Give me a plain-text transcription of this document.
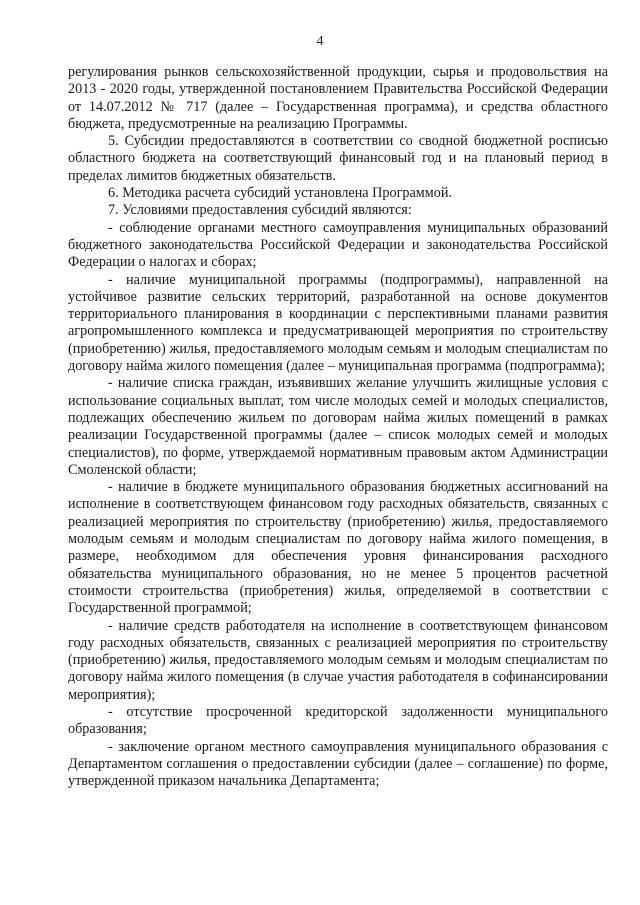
4

регулирования рынков сельскохозяйственной продукции, сырья и продовольствия на 2013 - 2020 годы, утвержденной постановлением Правительства Российской Федерации от 14.07.2012 № 717 (далее – Государственная программа), и средства областного бюджета, предусмотренные на реализацию Программы.

5. Субсидии предоставляются в соответствии со сводной бюджетной росписью областного бюджета на соответствующий финансовый год и на плановый период в пределах лимитов бюджетных обязательств.

6. Методика расчета субсидий установлена Программой.

7. Условиями предоставления субсидий являются:

- соблюдение органами местного самоуправления муниципальных образований бюджетного законодательства Российской Федерации и законодательства Российской Федерации о налогах и сборах;

- наличие муниципальной программы (подпрограммы), направленной на устойчивое развитие сельских территорий, разработанной на основе документов территориального планирования в координации с перспективными планами развития агропромышленного комплекса и предусматривающей мероприятия по строительству (приобретению) жилья, предоставляемого молодым семьям и молодым специалистам по договору найма жилого помещения (далее – муниципальная программа (подпрограмма);

- наличие списка граждан, изъявивших желание улучшить жилищные условия с использование социальных выплат, том числе молодых семей и молодых специалистов, подлежащих обеспечению жильем по договорам найма жилых помещений в рамках реализации Государственной программы (далее – список молодых семей и молодых специалистов), по форме, утверждаемой нормативным правовым актом Администрации Смоленской области;

- наличие в бюджете муниципального образования бюджетных ассигнований на исполнение в соответствующем финансовом году расходных обязательств, связанных с реализацией мероприятия по строительству (приобретению) жилья, предоставляемого молодым семьям и молодым специалистам по договору найма жилого помещения, в размере, необходимом для обеспечения уровня финансирования расходного обязательства муниципального образования, но не менее 5 процентов расчетной стоимости строительства (приобретения) жилья, определяемой в соответствии с Государственной программой;

- наличие средств работодателя на исполнение в соответствующем финансовом году расходных обязательств, связанных с реализацией мероприятия по строительству (приобретению) жилья, предоставляемого молодым семьям и молодым специалистам по договору найма жилого помещения (в случае участия работодателя в софинансировании мероприятия);

- отсутствие просроченной кредиторской задолженности муниципального образования;

- заключение органом местного самоуправления муниципального образования с Департаментом соглашения о предоставлении субсидии (далее – соглашение) по форме, утвержденной приказом начальника Департамента;
